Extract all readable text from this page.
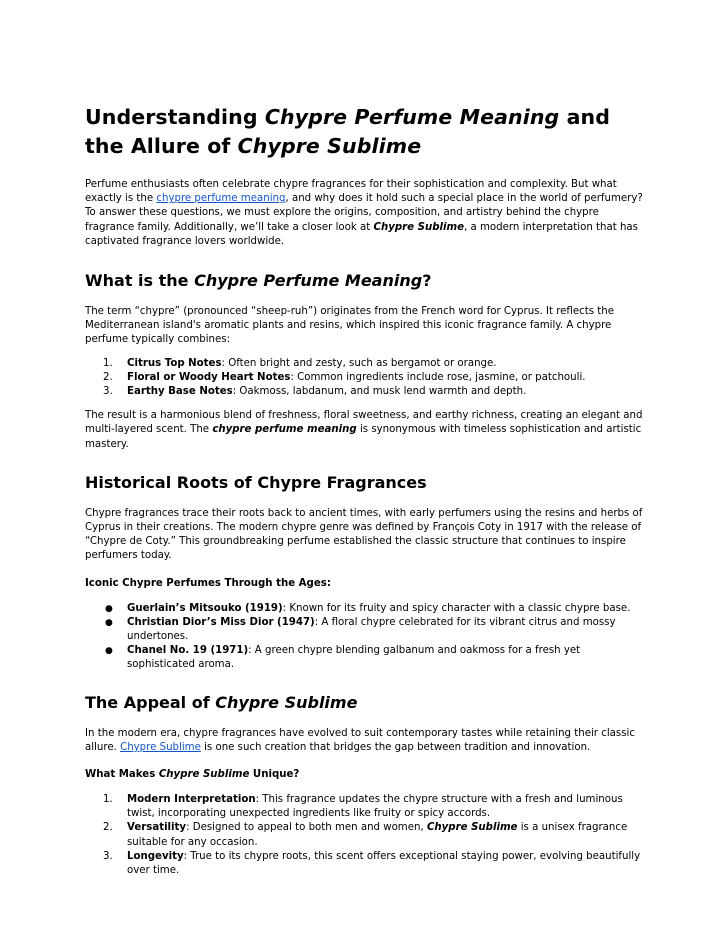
Understanding Chypre Perfume Meaning and the Allure of Chypre Sublime

Perfume enthusiasts often celebrate chypre fragrances for their sophistication and complexity. But what exactly is the chypre perfume meaning, and why does it hold such a special place in the world of perfumery? To answer these questions, we must explore the origins, composition, and artistry behind the chypre fragrance family. Additionally, we’ll take a closer look at Chypre Sublime, a modern interpretation that has captivated fragrance lovers worldwide.

What is the Chypre Perfume Meaning?

The term “chypre” (pronounced “sheep-ruh”) originates from the French word for Cyprus. It reflects the Mediterranean island's aromatic plants and resins, which inspired this iconic fragrance family. A chypre perfume typically combines:

1. Citrus Top Notes: Often bright and zesty, such as bergamot or orange.
2. Floral or Woody Heart Notes: Common ingredients include rose, jasmine, or patchouli.
3. Earthy Base Notes: Oakmoss, labdanum, and musk lend warmth and depth.

The result is a harmonious blend of freshness, floral sweetness, and earthy richness, creating an elegant and multi-layered scent. The chypre perfume meaning is synonymous with timeless sophistication and artistic mastery.

Historical Roots of Chypre Fragrances

Chypre fragrances trace their roots back to ancient times, with early perfumers using the resins and herbs of Cyprus in their creations. The modern chypre genre was defined by François Coty in 1917 with the release of “Chypre de Coty.” This groundbreaking perfume established the classic structure that continues to inspire perfumers today.

Iconic Chypre Perfumes Through the Ages:
● Guerlain’s Mitsouko (1919): Known for its fruity and spicy character with a classic chypre base.
● Christian Dior’s Miss Dior (1947): A floral chypre celebrated for its vibrant citrus and mossy undertones.
● Chanel No. 19 (1971): A green chypre blending galbanum and oakmoss for a fresh yet sophisticated aroma.
The Appeal of Chypre Sublime

In the modern era, chypre fragrances have evolved to suit contemporary tastes while retaining their classic allure. Chypre Sublime is one such creation that bridges the gap between tradition and innovation.

What Makes Chypre Sublime Unique?
1. Modern Interpretation: This fragrance updates the chypre structure with a fresh and luminous twist, incorporating unexpected ingredients like fruity or spicy accords.
2. Versatility: Designed to appeal to both men and women, Chypre Sublime is a unisex fragrance suitable for any occasion.
3. Longevity: True to its chypre roots, this scent offers exceptional staying power, evolving beautifully over time.
